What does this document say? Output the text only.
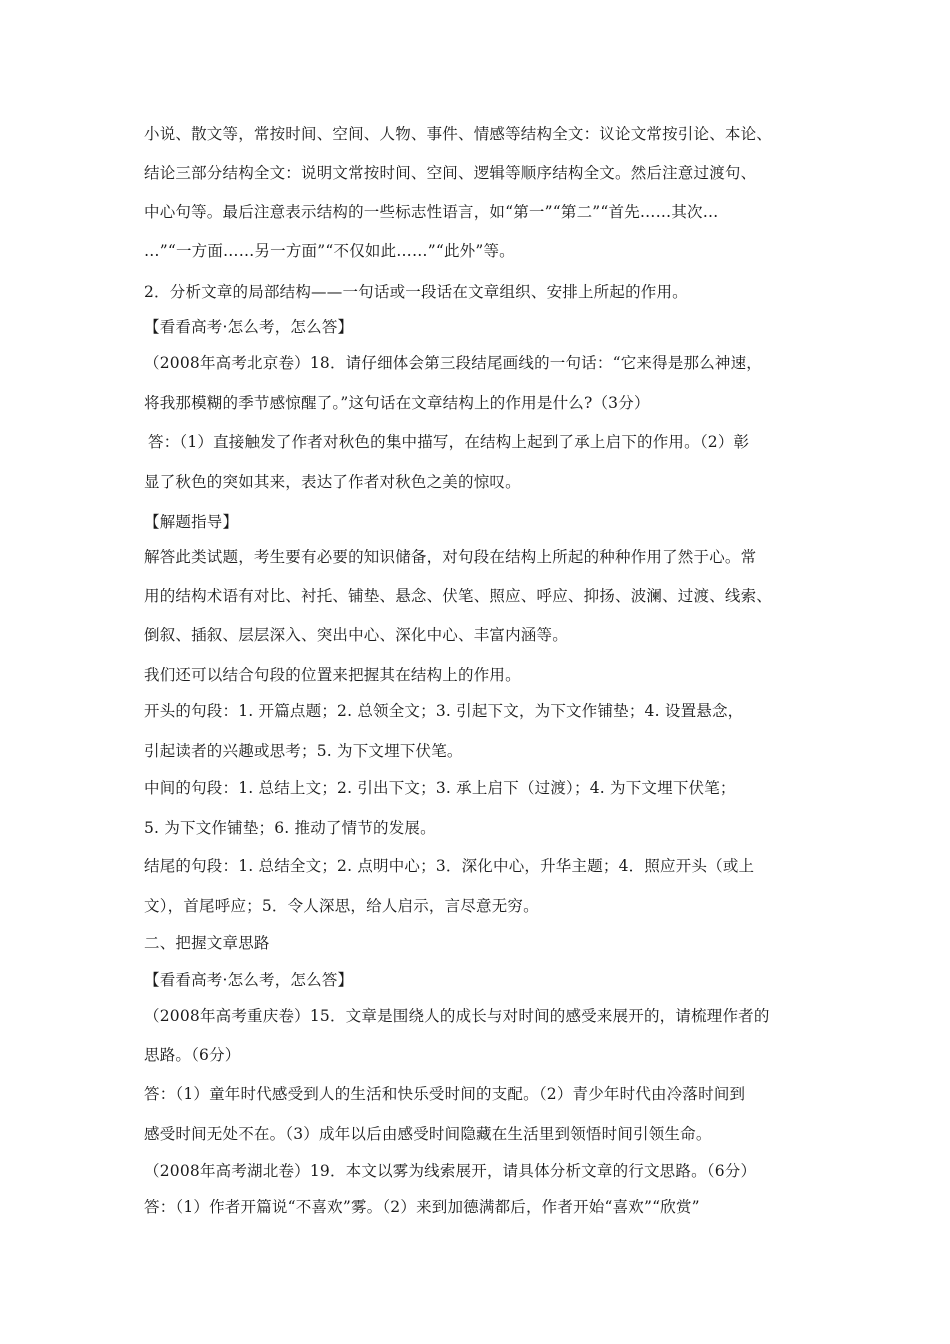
小说、散文等，常按时间、空间、人物、事件、情感等结构全文：议论文常按引论、本论、
结论三部分结构全文：说明文常按时间、空间、逻辑等顺序结构全文。然后注意过渡句、
中心句等。最后注意表示结构的一些标志性语言，如“第一”“第二”“首先……其次…
…”“一方面……另一方面”“不仅如此……”“此外”等。
2．分析文章的局部结构——一句话或一段话在文章组织、安排上所起的作用。
【看看高考·怎么考，怎么答】
（2008年高考北京卷）18．请仔细体会第三段结尾画线的一句话：“它来得是那么神速，
将我那模糊的季节感惊醒了。”这句话在文章结构上的作用是什么?（3分）
答：（1）直接触发了作者对秋色的集中描写，在结构上起到了承上启下的作用。（2）彰
显了秋色的突如其来，表达了作者对秋色之美的惊叹。
【解题指导】
解答此类试题，考生要有必要的知识储备，对句段在结构上所起的种种作用了然于心。常
用的结构术语有对比、衬托、铺垫、悬念、伏笔、照应、呼应、抑扬、波澜、过渡、线索、
倒叙、插叙、层层深入、突出中心、深化中心、丰富内涵等。
我们还可以结合句段的位置来把握其在结构上的作用。
开头的句段：1. 开篇点题；2. 总领全文；3. 引起下文，为下文作铺垫；4. 设置悬念，
引起读者的兴趣或思考；5. 为下文埋下伏笔。
中间的句段：1. 总结上文；2. 引出下文；3. 承上启下（过渡）；4. 为下文埋下伏笔；
5. 为下文作铺垫；6. 推动了情节的发展。
结尾的句段：1. 总结全文；2. 点明中心；3．深化中心，升华主题；4．照应开头（或上
文），首尾呼应；5．令人深思，给人启示，言尽意无穷。
二、把握文章思路
【看看高考·怎么考，怎么答】
（2008年高考重庆卷）15．文章是围绕人的成长与对时间的感受来展开的，请梳理作者的
思路。（6分）
答：（1）童年时代感受到人的生活和快乐受时间的支配。（2）青少年时代由冷落时间到
感受时间无处不在。（3）成年以后由感受时间隐藏在生活里到领悟时间引领生命。
（2008年高考湖北卷）19．本文以雾为线索展开，请具体分析文章的行文思路。（6分）
答：（1）作者开篇说“不喜欢”雾。（2）来到加德满都后，作者开始“喜欢”“欣赏”
